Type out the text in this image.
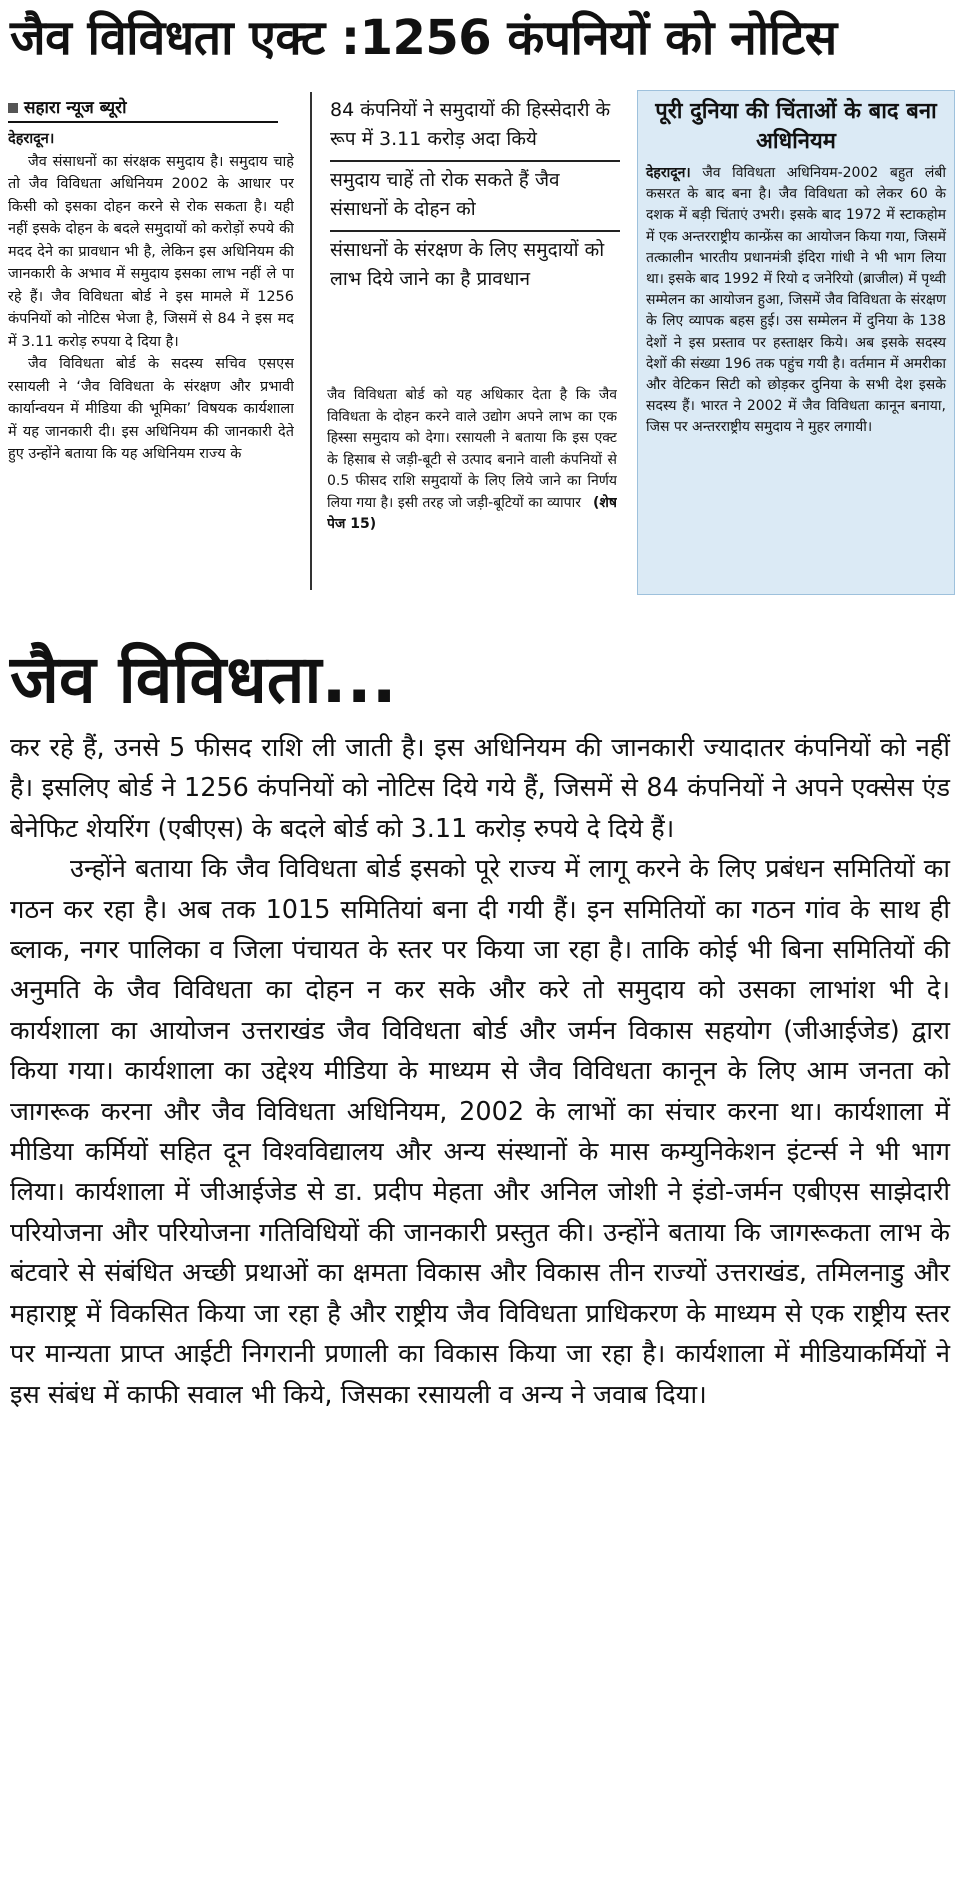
जैव विविधता एक्ट :1256 कंपनियों को नोटिस
सहारा न्यूज ब्यूरो

देहरादून।

जैव संसाधनों का संरक्षक समुदाय है। समुदाय चाहे तो जैव विविधता अधिनियम 2002 के आधार पर किसी को इसका दोहन करने से रोक सकता है। यही नहीं इसके दोहन के बदले समुदायों को करोड़ों रुपये की मदद देने का प्रावधान भी है, लेकिन इस अधिनियम की जानकारी के अभाव में समुदाय इसका लाभ नहीं ले पा रहे हैं। जैव विविधता बोर्ड ने इस मामले में 1256 कंपनियों को नोटिस भेजा है, जिसमें से 84 ने इस मद में 3.11 करोड़ रुपया दे दिया है।

जैव विविधता बोर्ड के सदस्य सचिव एसएस रसायली ने ‘जैव विविधता के संरक्षण और प्रभावी कार्यान्वयन में मीडिया की भूमिका’ विषयक कार्यशाला में यह जानकारी दी। इस अधिनियम की जानकारी देते हुए उन्होंने बताया कि यह अधिनियम राज्य के

84 कंपनियों ने समुदायों की हिस्सेदारी के रूप में 3.11 करोड़ अदा किये
समुदाय चाहें तो रोक सकते हैं जैव संसाधनों के दोहन को
संसाधनों के संरक्षण के लिए समुदायों को लाभ दिये जाने का है प्रावधान

जैव विविधता बोर्ड को यह अधिकार देता है कि जैव विविधता के दोहन करने वाले उद्योग अपने लाभ का एक हिस्सा समुदाय को देगा। रसायली ने बताया कि इस एक्ट के हिसाब से जड़ी-बूटी से उत्पाद बनाने वाली कंपनियों से 0.5 फीसद राशि समुदायों के लिए लिये जाने का निर्णय लिया गया है। इसी तरह जो जड़ी-बूटियों का व्यापार (शेष पेज 15)

पूरी दुनिया की चिंताओं के बाद बना अधिनियम

देहरादून। जैव विविधता अधिनियम-2002 बहुत लंबी कसरत के बाद बना है। जैव विविधता को लेकर 60 के दशक में बड़ी चिंताएं उभरी। इसके बाद 1972 में स्टाकहोम में एक अन्तरराष्ट्रीय कान्फ्रेंस का आयोजन किया गया, जिसमें तत्कालीन भारतीय प्रधानमंत्री इंदिरा गांधी ने भी भाग लिया था। इसके बाद 1992 में रियो द जनेरियो (ब्राजील) में पृथ्वी सम्मेलन का आयोजन हुआ, जिसमें जैव विविधता के संरक्षण के लिए व्यापक बहस हुई। उस सम्मेलन में दुनिया के 138 देशों ने इस प्रस्ताव पर हस्ताक्षर किये। अब इसके सदस्य देशों की संख्या 196 तक पहुंच गयी है। वर्तमान में अमरीका और वेटिकन सिटी को छोड़कर दुनिया के सभी देश इसके सदस्य हैं। भारत ने 2002 में जैव विविधता कानून बनाया, जिस पर अन्तरराष्ट्रीय समुदाय ने मुहर लगायी।

जैव विविधता...

कर रहे हैं, उनसे 5 फीसद राशि ली जाती है। इस अधिनियम की जानकारी ज्यादातर कंपनियों को नहीं है। इसलिए बोर्ड ने 1256 कंपनियों को नोटिस दिये गये हैं, जिसमें से 84 कंपनियों ने अपने एक्सेस एंड बेनेफिट शेयरिंग (एबीएस) के बदले बोर्ड को 3.11 करोड़ रुपये दे दिये हैं।

उन्होंने बताया कि जैव विविधता बोर्ड इसको पूरे राज्य में लागू करने के लिए प्रबंधन समितियों का गठन कर रहा है। अब तक 1015 समितियां बना दी गयी हैं। इन समितियों का गठन गांव के साथ ही ब्लाक, नगर पालिका व जिला पंचायत के स्तर पर किया जा रहा है। ताकि कोई भी बिना समितियों की अनुमति के जैव विविधता का दोहन न कर सके और करे तो समुदाय को उसका लाभांश भी दे। कार्यशाला का आयोजन उत्तराखंड जैव विविधता बोर्ड और जर्मन विकास सहयोग (जीआईजेड) द्वारा किया गया। कार्यशाला का उद्देश्य मीडिया के माध्यम से जैव विविधता कानून के लिए आम जनता को जागरूक करना और जैव विविधता अधिनियम, 2002 के लाभों का संचार करना था। कार्यशाला में मीडिया कर्मियों सहित दून विश्वविद्यालय और अन्य संस्थानों के मास कम्युनिकेशन इंटर्न्स ने भी भाग लिया। कार्यशाला में जीआईजेड से डा. प्रदीप मेहता और अनिल जोशी ने इंडो-जर्मन एबीएस साझेदारी परियोजना और परियोजना गतिविधियों की जानकारी प्रस्तुत की। उन्होंने बताया कि जागरूकता लाभ के बंटवारे से संबंधित अच्छी प्रथाओं का क्षमता विकास और विकास तीन राज्यों उत्तराखंड, तमिलनाडु और महाराष्ट्र में विकसित किया जा रहा है और राष्ट्रीय जैव विविधता प्राधिकरण के माध्यम से एक राष्ट्रीय स्तर पर मान्यता प्राप्त आईटी निगरानी प्रणाली का विकास किया जा रहा है। कार्यशाला में मीडियाकर्मियों ने इस संबंध में काफी सवाल भी किये, जिसका रसायली व अन्य ने जवाब दिया।
